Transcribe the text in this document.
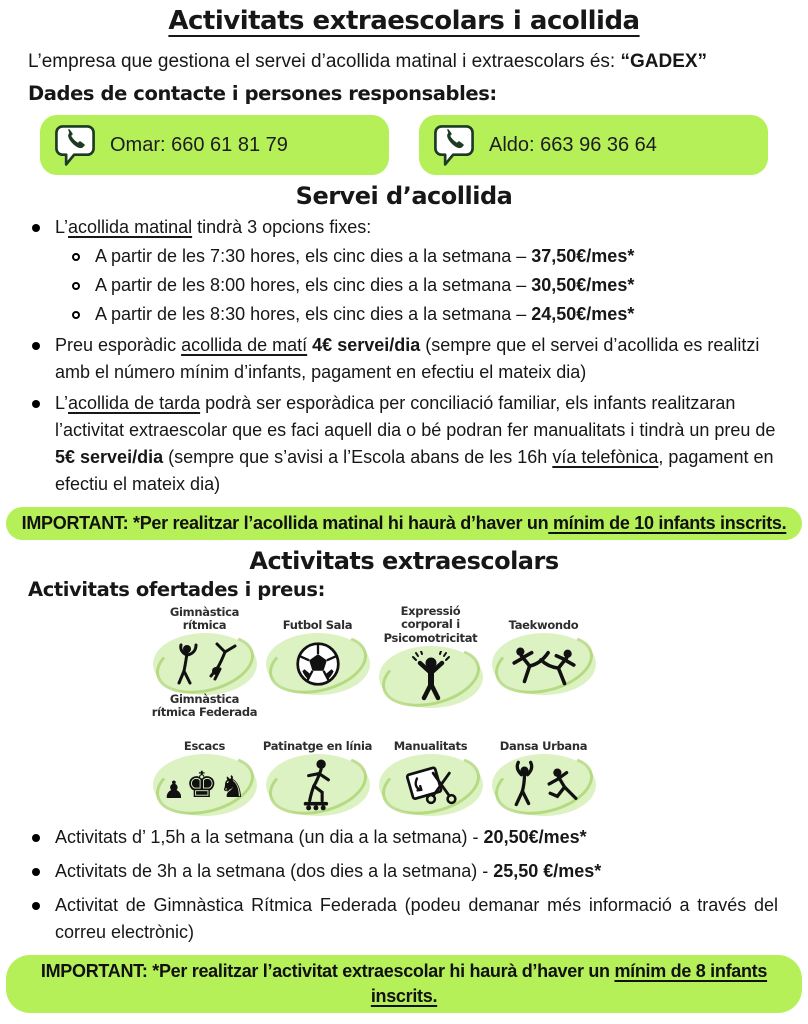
Activitats extraescolars i acollida

L’empresa que gestiona el servei d’acollida matinal i extraescolars és: “GADEX”

Dades de contacte i persones responsables:
Omar: 660 61 81 79	Aldo: 663 96 36 64
Servei d’acollida

L’acollida matinal tindrà 3 opcions fixes:

A partir de les 7:30 hores, els cinc dies a la setmana – 37,50€/mes*

A partir de les 8:00 hores, els cinc dies a la setmana – 30,50€/mes*

A partir de les 8:30 hores, els cinc dies a la setmana – 24,50€/mes*

Preu esporàdic acollida de matí 4€ servei/dia (sempre que el servei d’acollida es realitzi amb el número mínim d’infants, pagament en efectiu el mateix dia)

L’acollida de tarda podrà ser esporàdica per conciliació familiar, els infants realitzaran l’activitat extraescolar que es faci aquell dia o bé podran fer manualitats i tindrà un preu de 5€ servei/dia (sempre que s’avisi a l’Escola abans de les 16h vía telefònica, pagament en efectiu el mateix dia)

IMPORTANT: *Per realitzar l’acollida matinal hi haurà d’haver un mínim de 10 infants inscrits.
Activitats extraescolars
Activitats ofertades i preus:
Gimnàstica rítmica
Gimnàstica rítmica Federada
Futbol Sala
Expressió corporal i Psicomotricitat
Taekwondo
Escacs
♟ ♚ ♞
Patinatge en línia Manualitats	Dansa Urbana

Activitats d’ 1,5h a la setmana (un dia a la setmana) - 20,50€/mes*

Activitats de 3h a la setmana (dos dies a la setmana) - 25,50 €/mes*

Activitat de Gimnàstica Rítmica Federada (podeu demanar més informació a través del correu electrònic)

IMPORTANT: *Per realitzar l’activitat extraescolar hi haurà d’haver un mínim de 8 infants inscrits.
